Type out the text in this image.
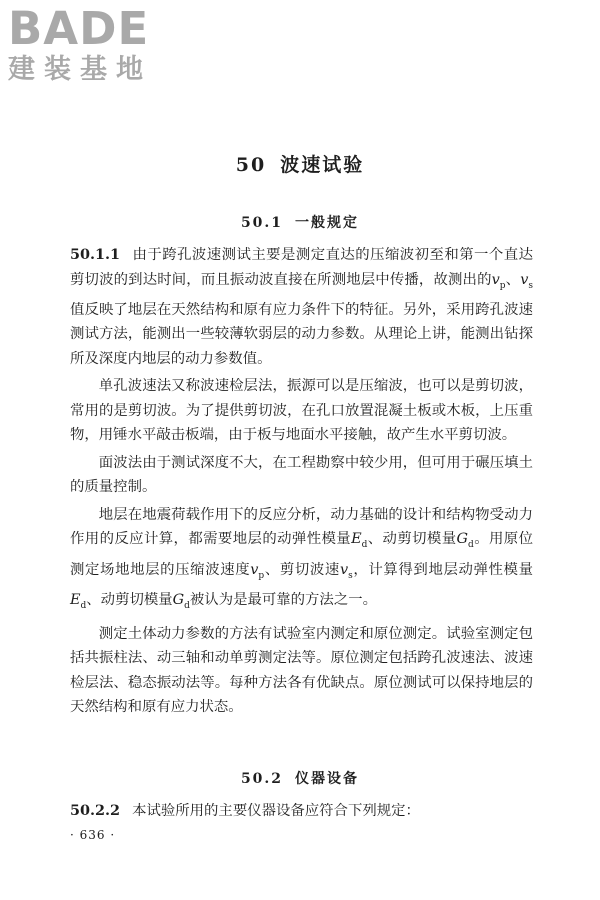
BADE
建装基地
50 波速试验
50.1 一般规定

50.1.1 由于跨孔波速测试主要是测定直达的压缩波初至和第一个直达剪切波的到达时间，而且振动波直接在所测地层中传播，故测出的$v_p$、$v_s$值反映了地层在天然结构和原有应力条件下的特征。另外，采用跨孔波速测试方法，能测出一些较薄软弱层的动力参数。从理论上讲，能测出钻探所及深度内地层的动力参数值。

单孔波速法又称波速检层法，振源可以是压缩波，也可以是剪切波，常用的是剪切波。为了提供剪切波，在孔口放置混凝土板或木板，上压重物，用锤水平敲击板端，由于板与地面水平接触，故产生水平剪切波。

面波法由于测试深度不大，在工程勘察中较少用，但可用于碾压填土的质量控制。

地层在地震荷载作用下的反应分析，动力基础的设计和结构物受动力作用的反应计算，都需要地层的动弹性模量$E_d$、动剪切模量$G_d$。用原位测定场地地层的压缩波速度$v_p$、剪切波速$v_s$，计算得到地层动弹性模量$E_d$、动剪切模量$G_d$被认为是最可靠的方法之一。

测定土体动力参数的方法有试验室内测定和原位测定。试验室测定包括共振柱法、动三轴和动单剪测定法等。原位测定包括跨孔波速法、波速检层法、稳态振动法等。每种方法各有优缺点。原位测试可以保持地层的天然结构和原有应力状态。

50.2 仪器设备

50.2.2 本试验所用的主要仪器设备应符合下列规定：

· 636 ·
